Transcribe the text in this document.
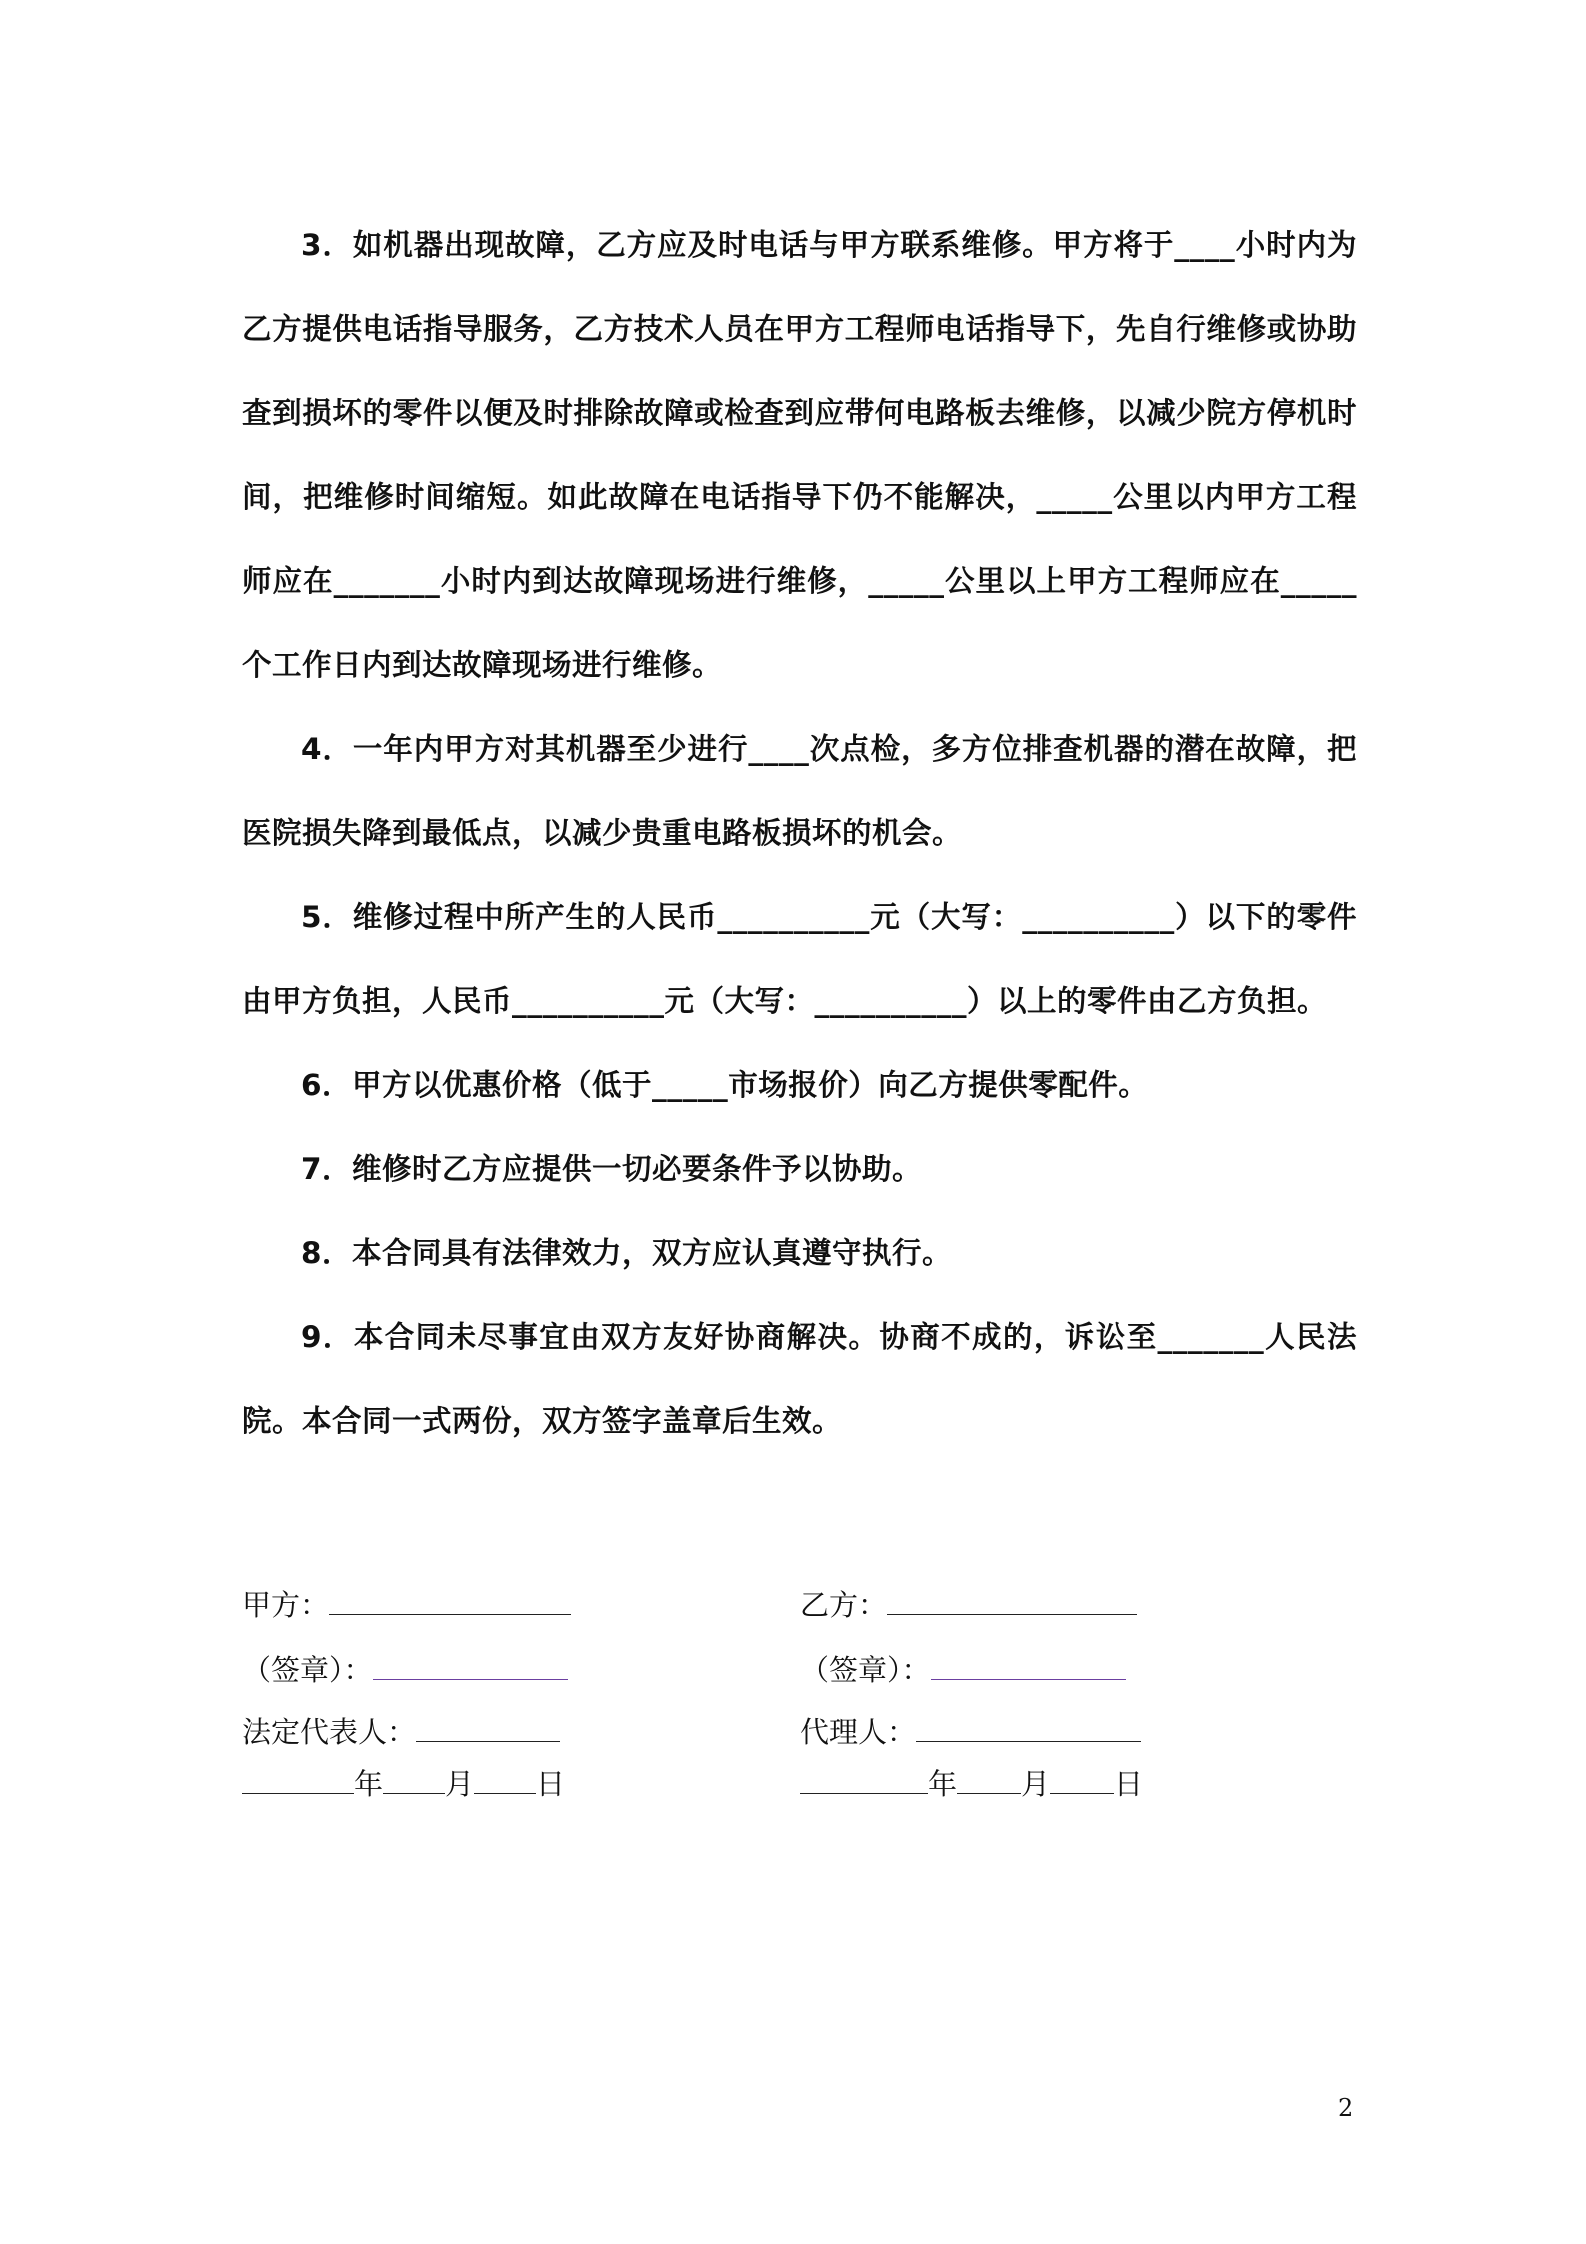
3．如机器出现故障，乙方应及时电话与甲方联系维修。甲方将于____小时内为乙方提供电话指导服务，乙方技术人员在甲方工程师电话指导下，先自行维修或协助查到损坏的零件以便及时排除故障或检查到应带何电路板去维修，以减少院方停机时间，把维修时间缩短。如此故障在电话指导下仍不能解决，_____公里以内甲方工程师应在_______小时内到达故障现场进行维修，_____公里以上甲方工程师应在_____个工作日内到达故障现场进行维修。

4．一年内甲方对其机器至少进行____次点检，多方位排查机器的潜在故障，把医院损失降到最低点，以减少贵重电路板损坏的机会。

5．维修过程中所产生的人民币__________元（大写：__________）以下的零件由甲方负担，人民币__________元（大写：__________）以上的零件由乙方负担。

6．甲方以优惠价格（低于_____市场报价）向乙方提供零配件。

7．维修时乙方应提供一切必要条件予以协助。

8．本合同具有法律效力，双方应认真遵守执行。

9．本合同未尽事宜由双方友好协商解决。协商不成的，诉讼至_______人民法院。本合同一式两份，双方签字盖章后生效。

甲方：
（签章）：
法定代表人：
年 月 日
乙方：
（签章）：
代理人：
年 月 日
2
